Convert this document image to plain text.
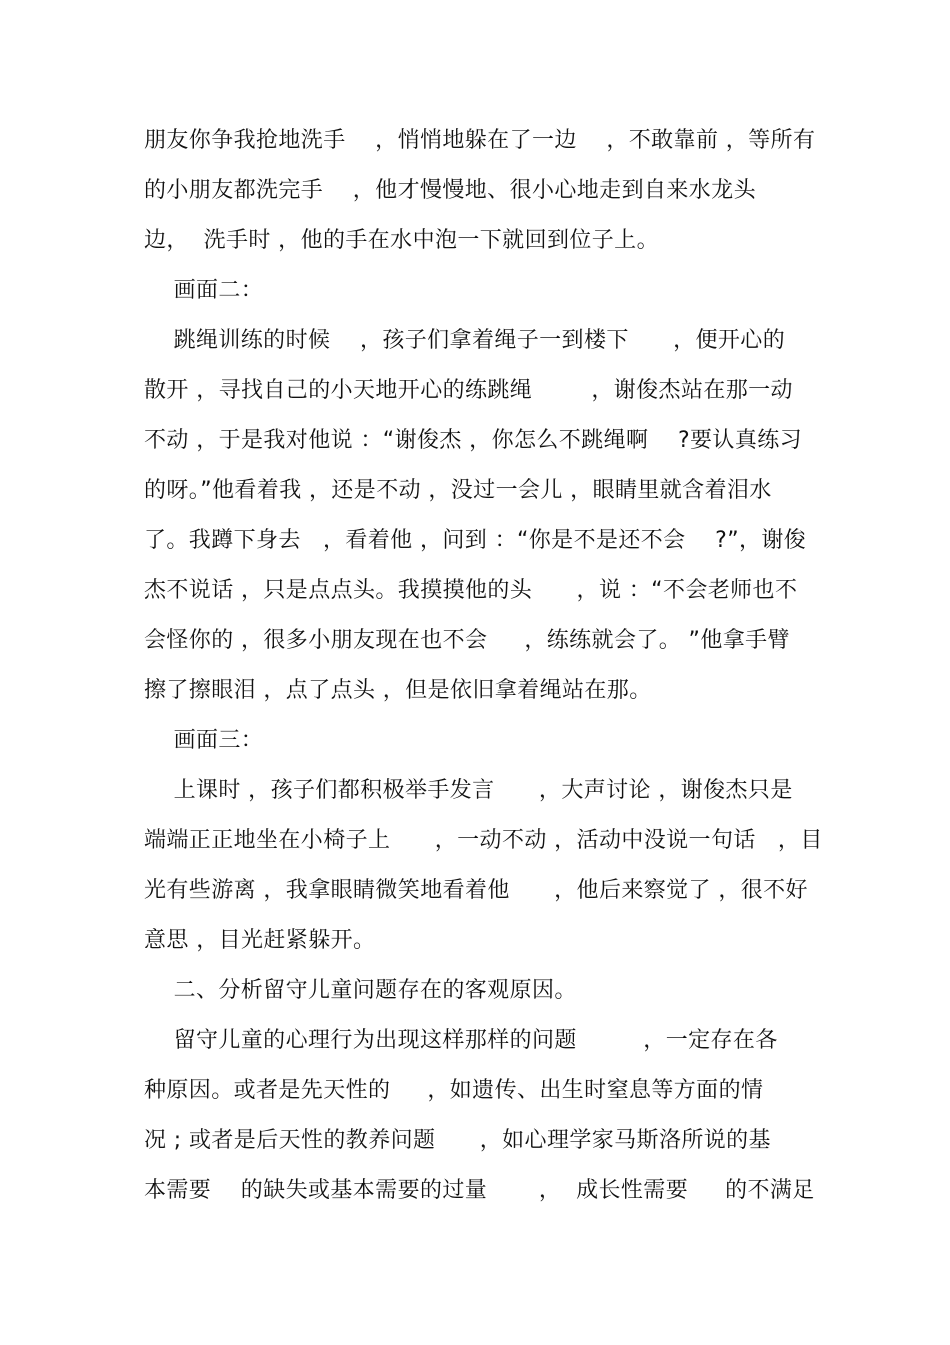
朋友你争我抢地洗手    ，悄悄地躲在了一边    ，不敢靠前 ，等所有
的小朋友都洗完手    ，他才慢慢地、很小心地走到自来水龙头
边，  洗手时 ，他的手在水中泡一下就回到位子上。
画面二：
跳绳训练的时候    ，孩子们拿着绳子一到楼下      ，便开心的
散开 ，寻找自己的小天地开心的练跳绳        ，谢俊杰站在那一动
不动 ，于是我对他说 ：“谢俊杰 ，你怎么不跳绳啊    ?要认真练习
的呀。”他看着我 ，还是不动 ，没过一会儿 ，眼睛里就含着泪水
了。我蹲下身去   ，看着他 ，问到 ：“你是不是还不会    ?”，谢俊
杰不说话 ，只是点点头。我摸摸他的头      ，说 ：“不会老师也不
会怪你的 ，很多小朋友现在也不会     ，练练就会了。 ”他拿手臂
擦了擦眼泪 ，点了点头 ，但是依旧拿着绳站在那。
画面三：
上课时 ，孩子们都积极举手发言      ，大声讨论 ，谢俊杰只是
端端正正地坐在小椅子上      ，一动不动 ，活动中没说一句话   ，目
光有些游离 ，我拿眼睛微笑地看着他      ，他后来察觉了 ，很不好
意思 ，目光赶紧躲开。
二、分析留守儿童问题存在的客观原因。
留守儿童的心理行为出现这样那样的问题         ，一定存在各
种原因。或者是先天性的     ，如遗传、出生时窒息等方面的情
况 ; 或者是后天性的教养问题      ，如心理学家马斯洛所说的基
本需要    的缺失或基本需要的过量       ，  成长性需要     的不满足
